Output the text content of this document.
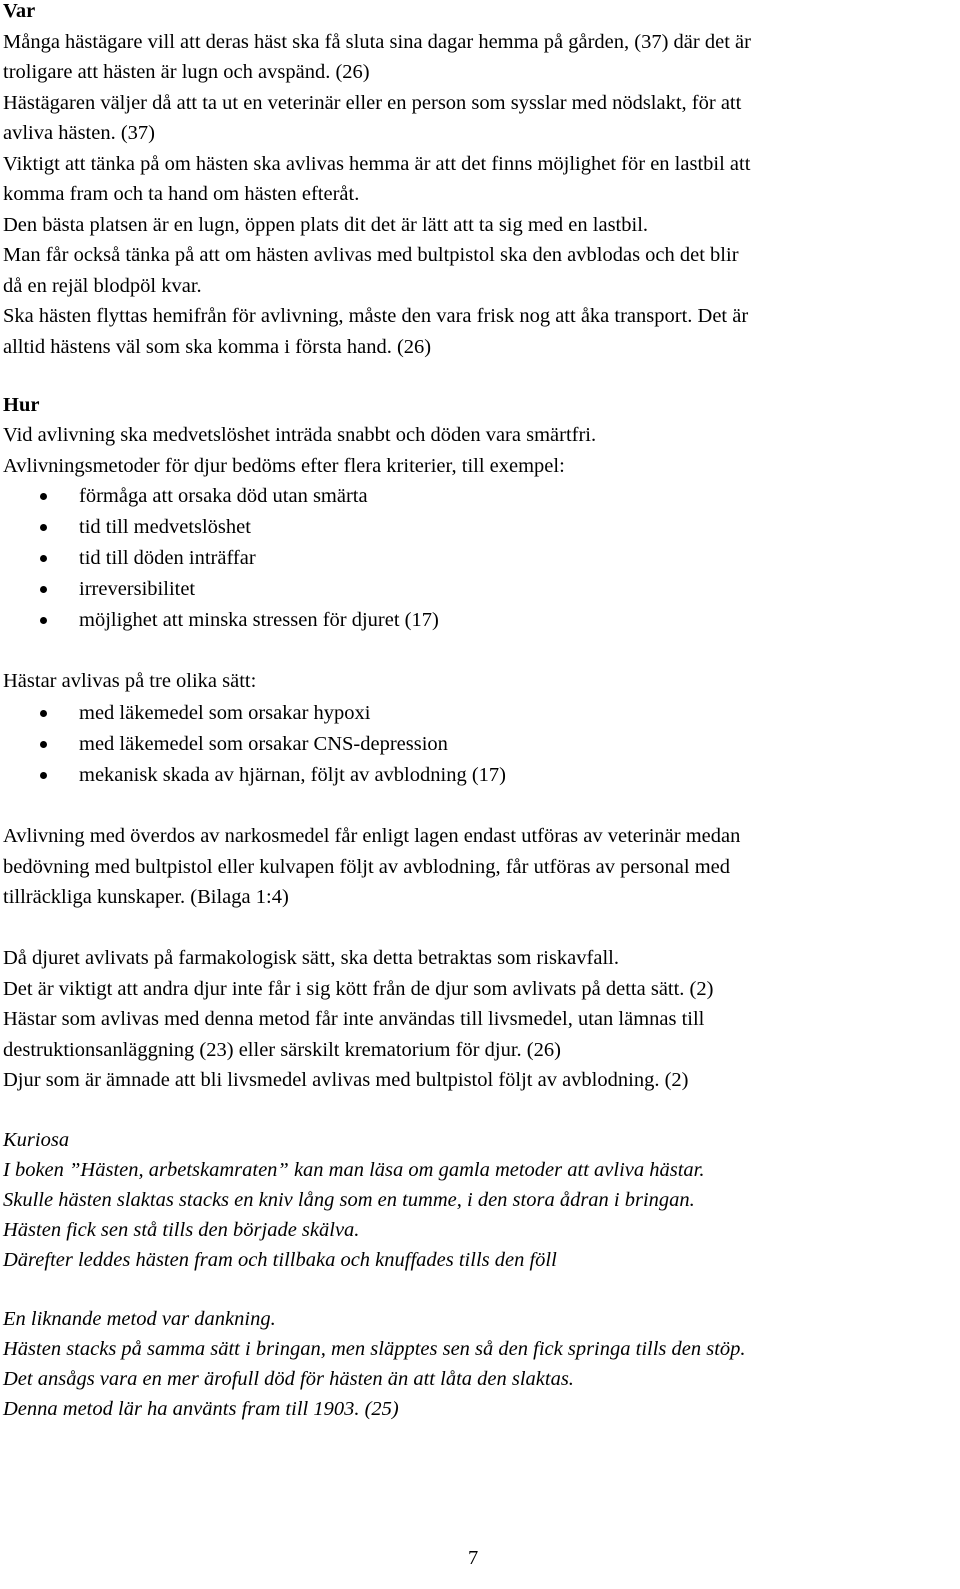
Var
Många hästägare vill att deras häst ska få sluta sina dagar hemma på gården, (37) där det är
troligare att hästen är lugn och avspänd. (26)
Hästägaren väljer då att ta ut en veterinär eller en person som sysslar med nödslakt, för att
avliva hästen. (37)
Viktigt att tänka på om hästen ska avlivas hemma är att det finns möjlighet för en lastbil att
komma fram och ta hand om hästen efteråt.
Den bästa platsen är en lugn, öppen plats dit det är lätt att ta sig med en lastbil.
Man får också tänka på att om hästen avlivas med bultpistol ska den avblodas och det blir
då en rejäl blodpöl kvar.
Ska hästen flyttas hemifrån för avlivning, måste den vara frisk nog att åka transport. Det är
alltid hästens väl som ska komma i första hand. (26)
Hur
Vid avlivning ska medvetslöshet inträda snabbt och döden vara smärtfri.
Avlivningsmetoder för djur bedöms efter flera kriterier, till exempel:
förmåga att orsaka död utan smärta
tid till medvetslöshet
tid till döden inträffar
irreversibilitet
möjlighet att minska stressen för djuret (17)
Hästar avlivas på tre olika sätt:
med läkemedel som orsakar hypoxi
med läkemedel som orsakar CNS-depression
mekanisk skada av hjärnan, följt av avblodning (17)
Avlivning med överdos av narkosmedel får enligt lagen endast utföras av veterinär medan
bedövning med bultpistol eller kulvapen följt av avblodning, får utföras av personal med
tillräckliga kunskaper. (Bilaga 1:4)
Då djuret avlivats på farmakologisk sätt, ska detta betraktas som riskavfall.
Det är viktigt att andra djur inte får i sig kött från de djur som avlivats på detta sätt. (2)
Hästar som avlivas med denna metod får inte användas till livsmedel, utan lämnas till
destruktionsanläggning (23) eller särskilt krematorium för djur. (26)
Djur som är ämnade att bli livsmedel avlivas med bultpistol följt av avblodning. (2)
Kuriosa
I boken ”Hästen, arbetskamraten” kan man läsa om gamla metoder att avliva hästar.
Skulle hästen slaktas stacks en kniv lång som en tumme, i den stora ådran i bringan.
Hästen fick sen stå tills den började skälva.
Därefter leddes hästen fram och tillbaka och knuffades tills den föll
En liknande metod var dankning.
Hästen stacks på samma sätt i bringan, men släpptes sen så den fick springa tills den stöp.
Det ansågs vara en mer ärofull död för hästen än att låta den slaktas.
Denna metod lär ha använts fram till 1903. (25)
7
